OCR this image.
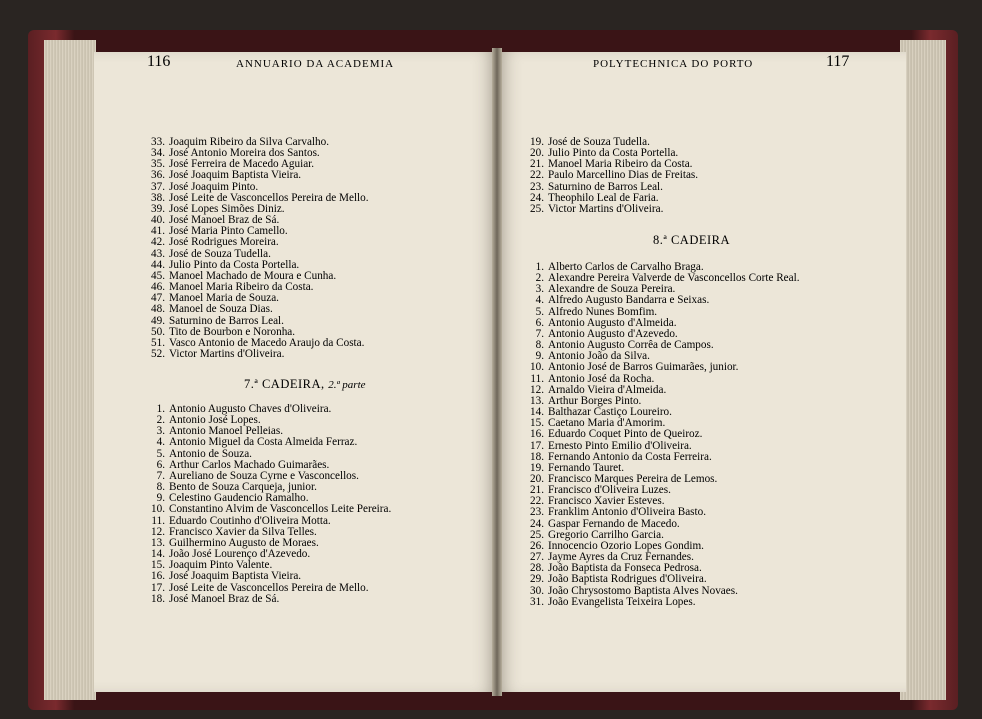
116	ANNUARIO DA ACADEMIA
33. Joaquim Ribeiro da Silva Carvalho.
34. José Antonio Moreira dos Santos.
35. José Ferreira de Macedo Aguiar.
36. José Joaquim Baptista Vieira.
37. José Joaquim Pinto.
38. José Leite de Vasconcellos Pereira de Mello.
39. José Lopes Simões Diniz.
40. José Manoel Braz de Sá.
41. José Maria Pinto Camello.
42. José Rodrigues Moreira.
43. José de Souza Tudella.
44. Julio Pinto da Costa Portella.
45. Manoel Machado de Moura e Cunha.
46. Manoel Maria Ribeiro da Costa.
47. Manoel Maria de Souza.
48. Manoel de Souza Dias.
49. Saturnino de Barros Leal.
50. Tito de Bourbon e Noronha.
51. Vasco Antonio de Macedo Araujo da Costa.
52. Victor Martins d'Oliveira.
7.ª CADEIRA, 2.ª parte
1. Antonio Augusto Chaves d'Oliveira.
2. Antonio José Lopes.
3. Antonio Manoel Pelleias.
4. Antonio Miguel da Costa Almeida Ferraz.
5. Antonio de Souza.
6. Arthur Carlos Machado Guimarães.
7. Aureliano de Souza Cyrne e Vasconcellos.
8. Bento de Souza Carqueja, junior.
9. Celestino Gaudencio Ramalho.
10. Constantino Alvim de Vasconcellos Leite Pereira.
11. Eduardo Coutinho d'Oliveira Motta.
12. Francisco Xavier da Silva Telles.
13. Guilhermino Augusto de Moraes.
14. João José Lourenço d'Azevedo.
15. Joaquim Pinto Valente.
16. José Joaquim Baptista Vieira.
17. José Leite de Vasconcellos Pereira de Mello.
18. José Manoel Braz de Sá.
POLYTECHNICA DO PORTO	117
19. José de Souza Tudella.
20. Julio Pinto da Costa Portella.
21. Manoel Maria Ribeiro da Costa.
22. Paulo Marcellino Dias de Freitas.
23. Saturnino de Barros Leal.
24. Theophilo Leal de Faria.
25. Victor Martins d'Oliveira.
8.ª CADEIRA
1. Alberto Carlos de Carvalho Braga.
2. Alexandre Pereira Valverde de Vasconcellos Corte Real.
3. Alexandre de Souza Pereira.
4. Alfredo Augusto Bandarra e Seixas.
5. Alfredo Nunes Bomfim.
6. Antonio Augusto d'Almeida.
7. Antonio Augusto d'Azevedo.
8. Antonio Augusto Corrêa de Campos.
9. Antonio João da Silva.
10. Antonio José de Barros Guimarães, junior.
11. Antonio José da Rocha.
12. Arnaldo Vieira d'Almeida.
13. Arthur Borges Pinto.
14. Balthazar Castiço Loureiro.
15. Caetano Maria d'Amorim.
16. Eduardo Coquet Pinto de Queiroz.
17. Ernesto Pinto Emilio d'Oliveira.
18. Fernando Antonio da Costa Ferreira.
19. Fernando Tauret.
20. Francisco Marques Pereira de Lemos.
21. Francisco d'Oliveira Luzes.
22. Francisco Xavier Esteves.
23. Franklim Antonio d'Oliveira Basto.
24. Gaspar Fernando de Macedo.
25. Gregorio Carrilho Garcia.
26. Innocencio Ozorio Lopes Gondim.
27. Jayme Ayres da Cruz Fernandes.
28. João Baptista da Fonseca Pedrosa.
29. João Baptista Rodrigues d'Oliveira.
30. João Chrysostomo Baptista Alves Novaes.
31. João Evangelista Teixeira Lopes.
